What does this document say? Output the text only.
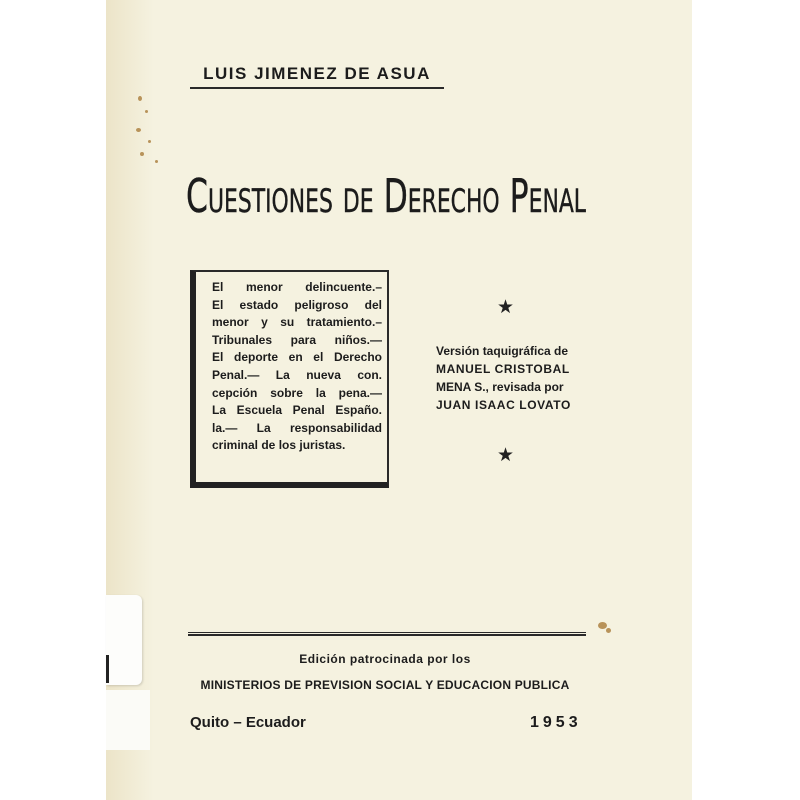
LUIS JIMENEZ DE ASUA
Cuestiones de Derecho Penal
El menor delincuente.–
El estado peligroso del
menor y su tratamiento.–
Tribunales para niños.—
El deporte en el Derecho
Penal.— La nueva con.
cepción sobre la pena.—
La Escuela Penal Españo.
la.— La responsabilidad
criminal de los juristas.
★
Versión taquigráfica de
MANUEL CRISTOBAL
MENA S., revisada por
JUAN ISAAC LOVATO
★
Edición patrocinada por los
MINISTERIOS DE PREVISION SOCIAL Y EDUCACION PUBLICA
Quito – Ecuador	1953
